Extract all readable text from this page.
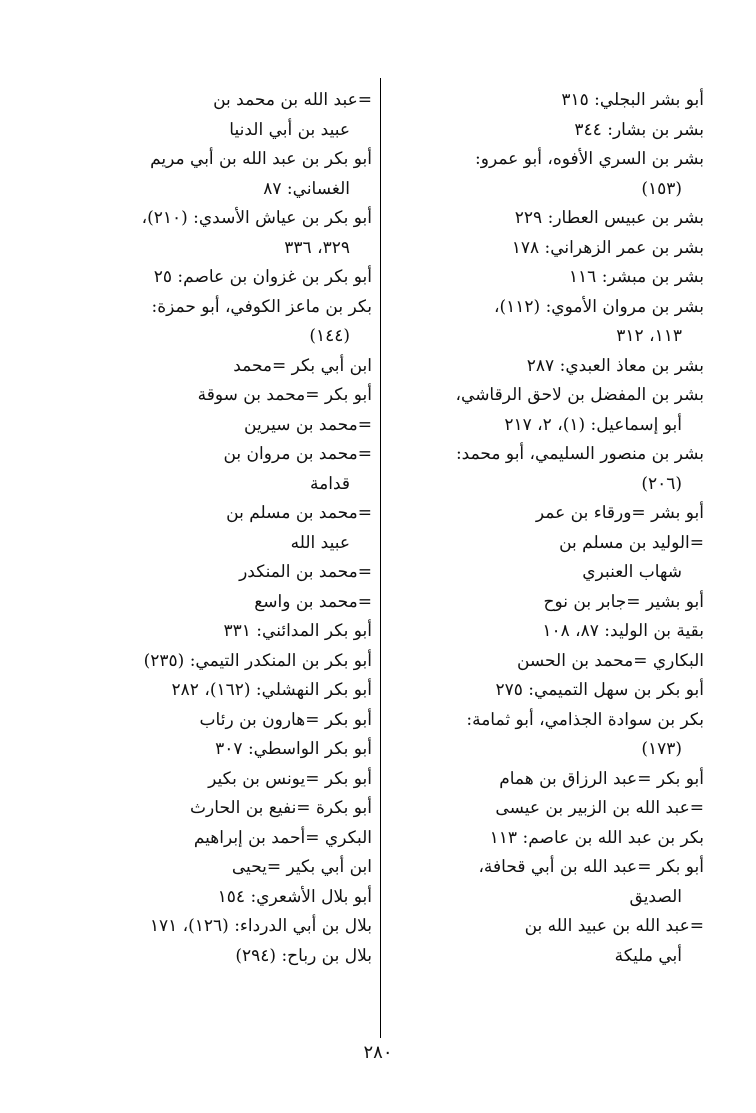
أبو بشر البجلي: ٣١٥
بشر بن بشار: ٣٤٤
بشر بن السري الأفوه، أبو عمرو:
(١٥٣)
بشر بن عبيس العطار: ٢٢٩
بشر بن عمر الزهراني: ١٧٨
بشر بن مبشر: ١١٦
بشر بن مروان الأموي: (١١٢)،
١١٣، ٣١٢
بشر بن معاذ العبدي: ٢٨٧
بشر بن المفضل بن لاحق الرقاشي،
أبو إسماعيل: (١)، ٢، ٢١٧
بشر بن منصور السليمي، أبو محمد:
(٢٠٦)
أبو بشر =ورقاء بن عمر
=الوليد بن مسلم بن
شهاب العنبري
أبو بشير =جابر بن نوح
بقية بن الوليد: ٨٧، ١٠٨
البكاري =محمد بن الحسن
أبو بكر بن سهل التميمي: ٢٧٥
بكر بن سوادة الجذامي، أبو ثمامة:
(١٧٣)
أبو بكر =عبد الرزاق بن همام
=عبد الله بن الزبير بن عيسى
بكر بن عبد الله بن عاصم: ١١٣
أبو بكر =عبد الله بن أبي قحافة،
الصديق
=عبد الله بن عبيد الله بن
أبي مليكة
=عبد الله بن محمد بن
عبيد بن أبي الدنيا
أبو بكر بن عبد الله بن أبي مريم
الغساني: ٨٧
أبو بكر بن عياش الأسدي: (٢١٠)،
٣٢٩، ٣٣٦
أبو بكر بن غزوان بن عاصم: ٢٥
بكر بن ماعز الكوفي، أبو حمزة:
(١٤٤)
ابن أبي بكر =محمد
أبو بكر =محمد بن سوقة
=محمد بن سيرين
=محمد بن مروان بن
قدامة
=محمد بن مسلم بن
عبيد الله
=محمد بن المنكدر
=محمد بن واسع
أبو بكر المدائني: ٣٣١
أبو بكر بن المنكدر التيمي: (٢٣٥)
أبو بكر النهشلي: (١٦٢)، ٢٨٢
أبو بكر =هارون بن رئاب
أبو بكر الواسطي: ٣٠٧
أبو بكر =يونس بن بكير
أبو بكرة =نفيع بن الحارث
البكري =أحمد بن إبراهيم
ابن أبي بكير =يحيى
أبو بلال الأشعري: ١٥٤
بلال بن أبي الدرداء: (١٢٦)، ١٧١
بلال بن رباح: (٢٩٤)
٢٨٠
